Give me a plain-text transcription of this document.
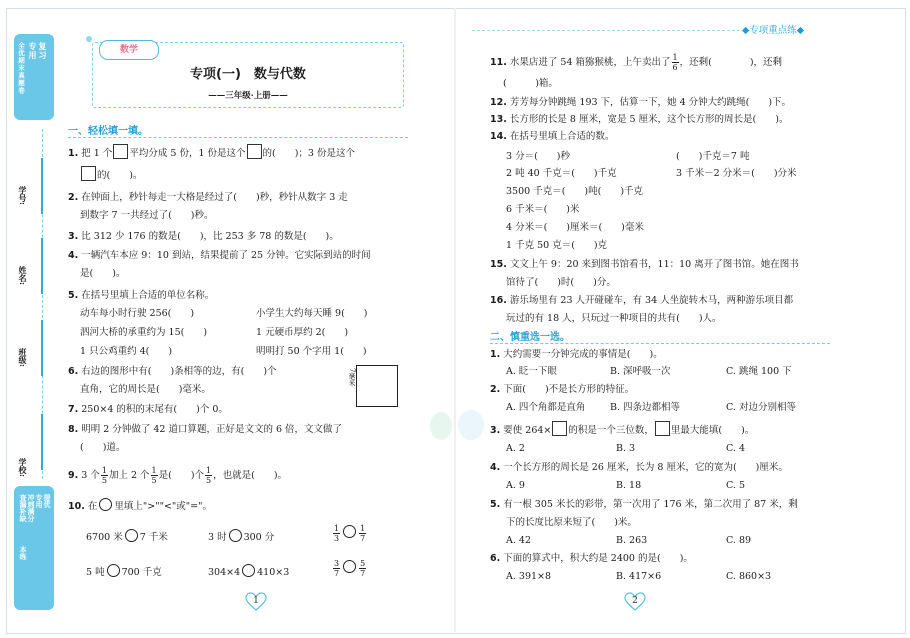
复习
专用
全优期末真题卷
学号:
姓名:
班级:
学校:
提优
专用
冲刺满分
查漏补缺
本练
数学
专项(一)　数与代数
——三年级·上册——
一、轻松填一填。
1. 把 1 个 平均分成 5 份，1 份是这个 的(　　)；3 份是这个
的(　　)。
2. 在钟面上，秒针每走一大格是经过了(　　)秒，秒针从数字 3 走
到数字 7 一共经过了(　　)秒。
3. 比 312 少 176 的数是(　　)，比 253 多 78 的数是(　　)。
4. 一辆汽车本应 9：10 到站，结果提前了 25 分钟。它实际到站的时间
是(　　)。
5. 在括号里填上合适的单位名称。
动车每小时行驶 256(　　)	小学生大约每天睡 9(　　)
泗河大桥的承重约为 15(　　)	1 元硬币厚约 2(　　)
1 只公鸡重约 4(　　)	明明打 50 个字用 1(　　)
6. 右边的图形中有(　　)条相等的边，有(　　)个
直角，它的周长是(　　)毫米。
7毫米
7. 250×4 的积的末尾有(　　)个 0。
8. 明明 2 分钟做了 42 道口算题，正好是文文的 6 倍，文文做了
(　　)道。
9. 3 个 $\frac{1}{5}$ 加上 2 个 $\frac{1}{5}$ 是(　　)个 $\frac{1}{5}$ ，也就是(　　)。
10. 在 里填上">""<"或"="。
6700 米 7 千米	3 时 300 分	$\frac{1}{3} \frac{1}{7}$
5 吨 700 千克	304×4 410×3	$\frac{3}{7} \frac{5}{7}$
1
◆专项重点练◆
11. 水果店进了 54 箱猕猴桃，上午卖出了 $\frac{1}{6}$ ，还剩(　　　　)，还剩
(　　　)箱。
12. 芳芳每分钟跳绳 193 下，估算一下，她 4 分钟大约跳绳(　　)下。
13. 长方形的长是 8 厘米，宽是 5 厘米，这个长方形的周长是(　　)。
14. 在括号里填上合适的数。
3 分＝(　　)秒	(　　)千克＝7 吨
2 吨 40 千克＝(　　)千克	3 千米－2 分米＝(　　)分米
3500 千克＝(　　)吨(　　)千克
6 千米＝(　　)米
4 分米＝(　　)厘米＝(　　)毫米
1 千克 50 克＝(　　)克
15. 文文上午 9：20 来到图书馆看书，11：10 离开了图书馆。她在图书
馆待了(　　)时(　　)分。
16. 游乐场里有 23 人开碰碰车，有 34 人坐旋转木马，两种游乐项目都
玩过的有 18 人，只玩过一种项目的共有(　　)人。
二、慎重选一选。
1. 大约需要一分钟完成的事情是(　　)。
A. 眨一下眼	B. 深呼吸一次	C. 跳绳 100 下
2. 下面(　　)不是长方形的特征。
A. 四个角都是直角	B. 四条边都相等	C. 对边分别相等
3. 要使 264× 的积是一个三位数， 里最大能填(　　)。
A. 2	B. 3	C. 4
4. 一个长方形的周长是 26 厘米，长为 8 厘米，它的宽为(　　)厘米。
A. 9	B. 18	C. 5
5. 有一根 305 米长的彩带，第一次用了 176 米，第二次用了 87 米，剩
下的长度比原来短了(　　)米。
A. 42	B. 263	C. 89
6. 下面的算式中，积大约是 2400 的是(　　)。
A. 391×8	B. 417×6	C. 860×3
2
